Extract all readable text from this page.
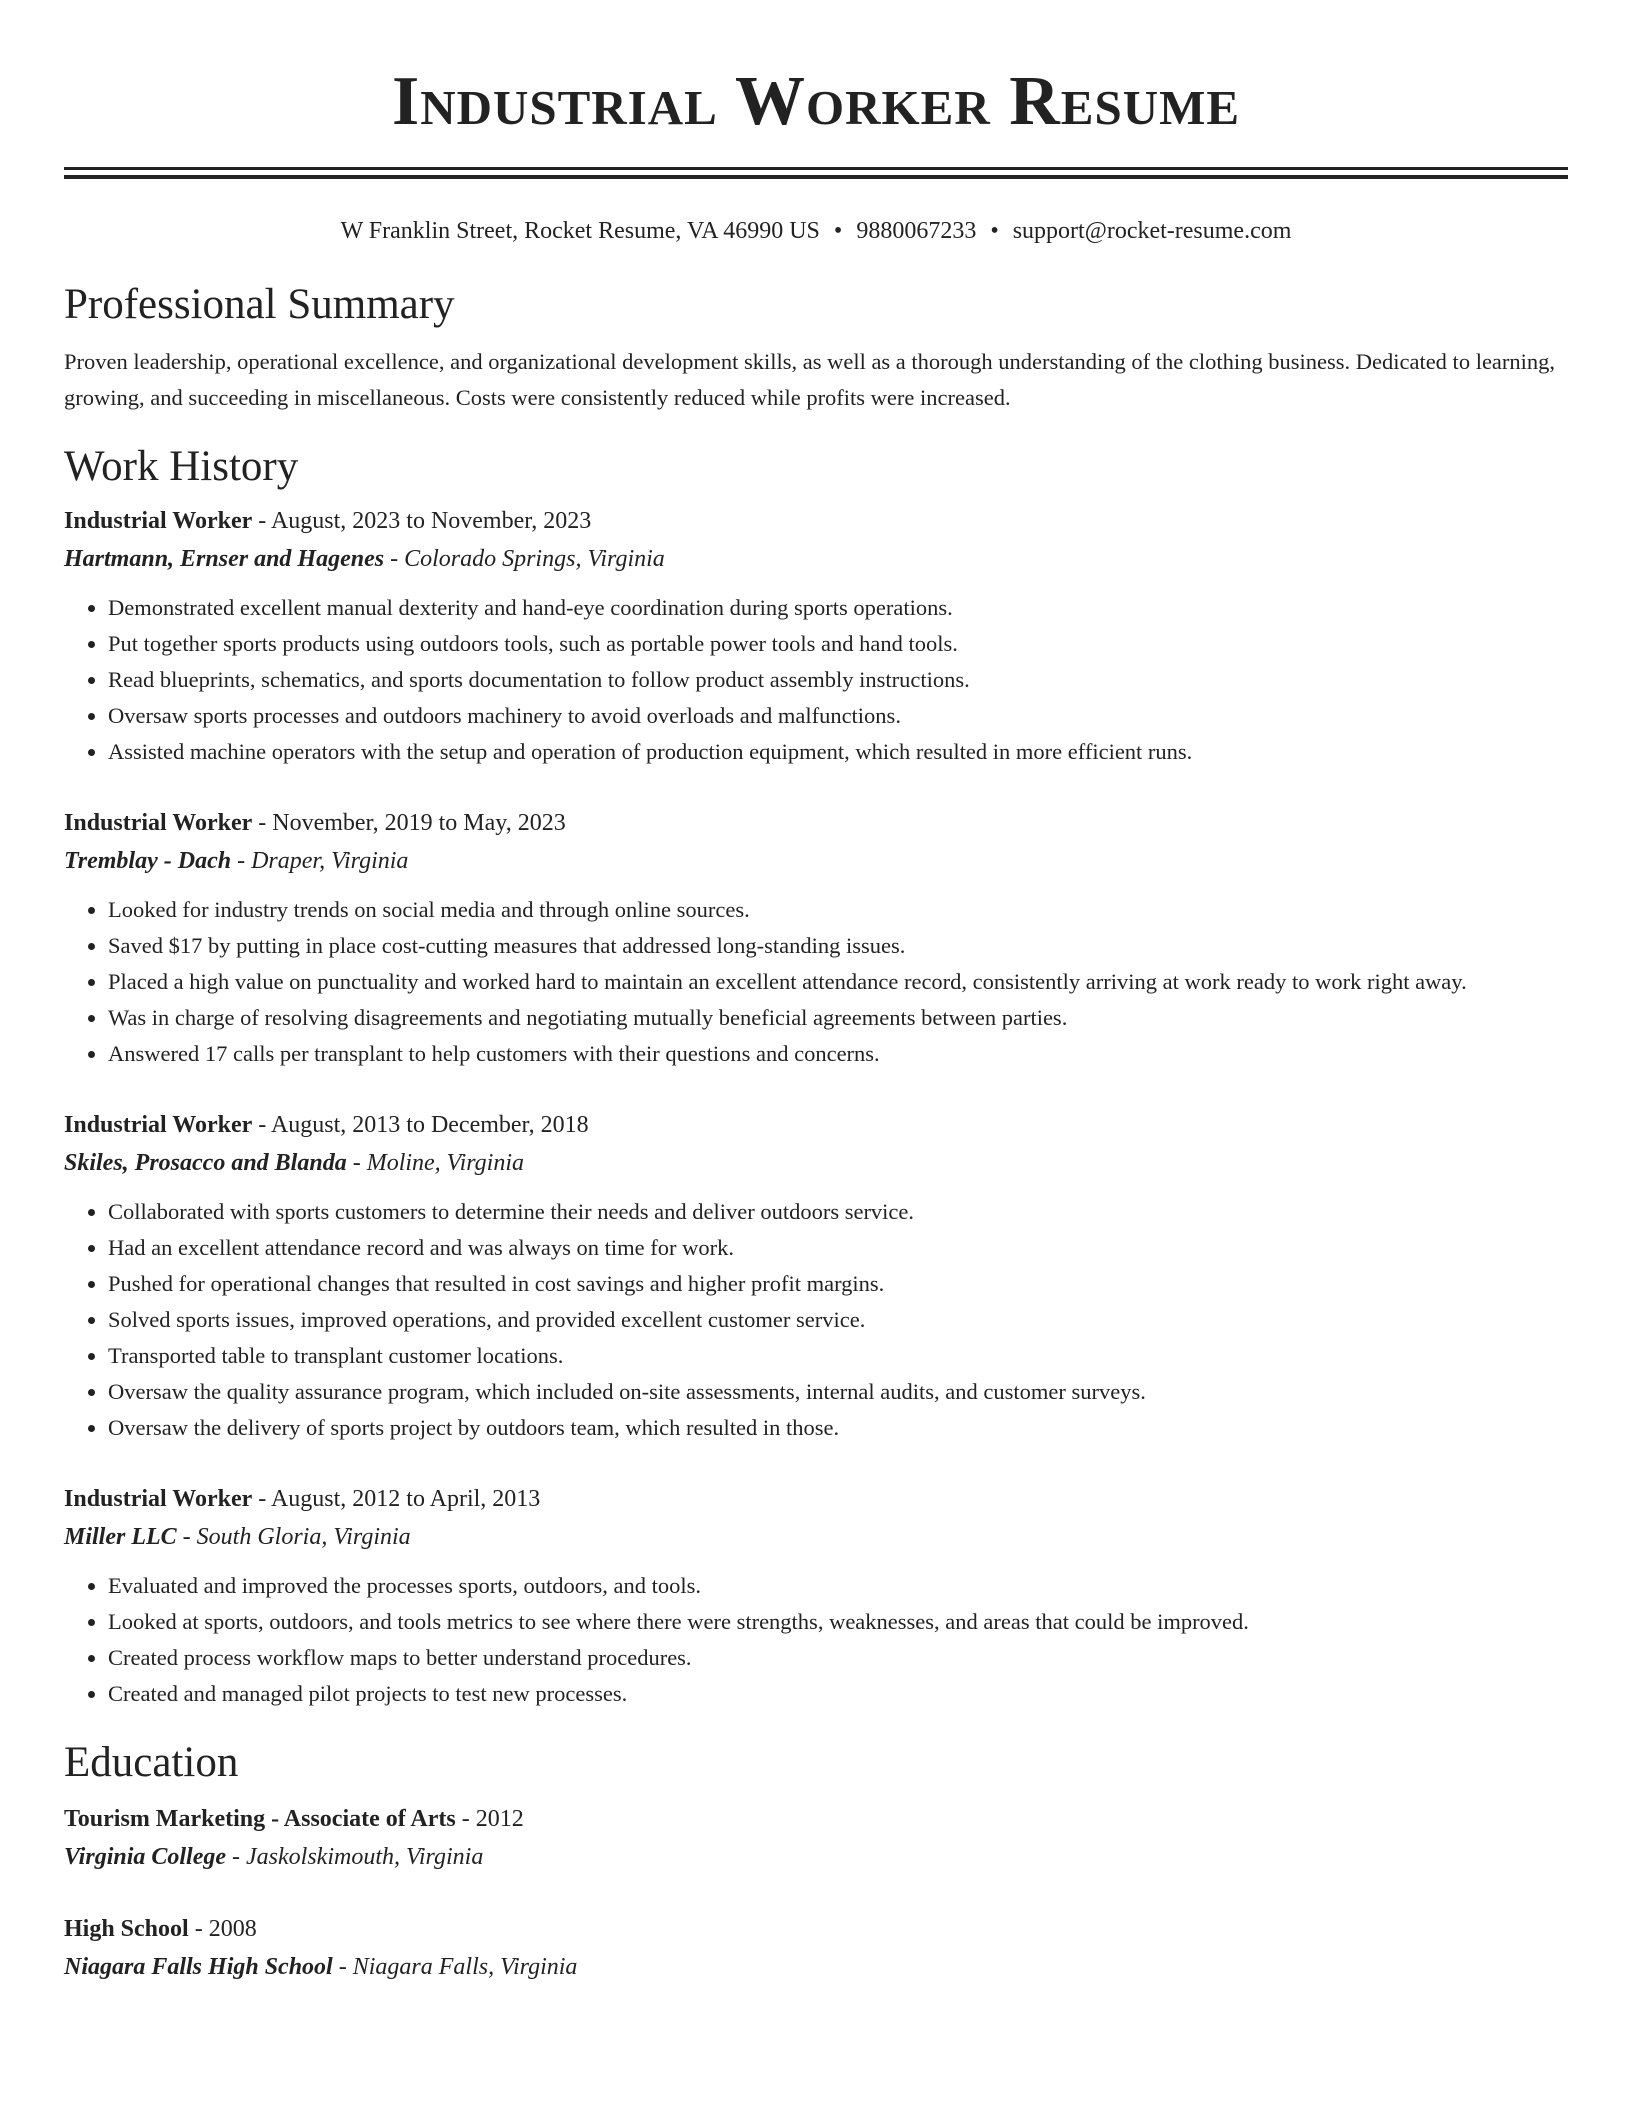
Industrial Worker Resume
W Franklin Street, Rocket Resume, VA 46990 US • 9880067233 • support@rocket-resume.com
Professional Summary
Proven leadership, operational excellence, and organizational development skills, as well as a thorough understanding of the clothing business. Dedicated to learning, growing, and succeeding in miscellaneous. Costs were consistently reduced while profits were increased.
Work History
Industrial Worker - August, 2023 to November, 2023
Hartmann, Ernser and Hagenes - Colorado Springs, Virginia
• Demonstrated excellent manual dexterity and hand-eye coordination during sports operations.
• Put together sports products using outdoors tools, such as portable power tools and hand tools.
• Read blueprints, schematics, and sports documentation to follow product assembly instructions.
• Oversaw sports processes and outdoors machinery to avoid overloads and malfunctions.
• Assisted machine operators with the setup and operation of production equipment, which resulted in more efficient runs.
Industrial Worker - November, 2019 to May, 2023
Tremblay - Dach - Draper, Virginia
• Looked for industry trends on social media and through online sources.
• Saved $17 by putting in place cost-cutting measures that addressed long-standing issues.
• Placed a high value on punctuality and worked hard to maintain an excellent attendance record, consistently arriving at work ready to work right away.
• Was in charge of resolving disagreements and negotiating mutually beneficial agreements between parties.
• Answered 17 calls per transplant to help customers with their questions and concerns.
Industrial Worker - August, 2013 to December, 2018
Skiles, Prosacco and Blanda - Moline, Virginia
• Collaborated with sports customers to determine their needs and deliver outdoors service.
• Had an excellent attendance record and was always on time for work.
• Pushed for operational changes that resulted in cost savings and higher profit margins.
• Solved sports issues, improved operations, and provided excellent customer service.
• Transported table to transplant customer locations.
• Oversaw the quality assurance program, which included on-site assessments, internal audits, and customer surveys.
• Oversaw the delivery of sports project by outdoors team, which resulted in those.
Industrial Worker - August, 2012 to April, 2013
Miller LLC - South Gloria, Virginia
• Evaluated and improved the processes sports, outdoors, and tools.
• Looked at sports, outdoors, and tools metrics to see where there were strengths, weaknesses, and areas that could be improved.
• Created process workflow maps to better understand procedures.
• Created and managed pilot projects to test new processes.
Education
Tourism Marketing - Associate of Arts - 2012
Virginia College - Jaskolskimouth, Virginia
High School - 2008
Niagara Falls High School - Niagara Falls, Virginia
